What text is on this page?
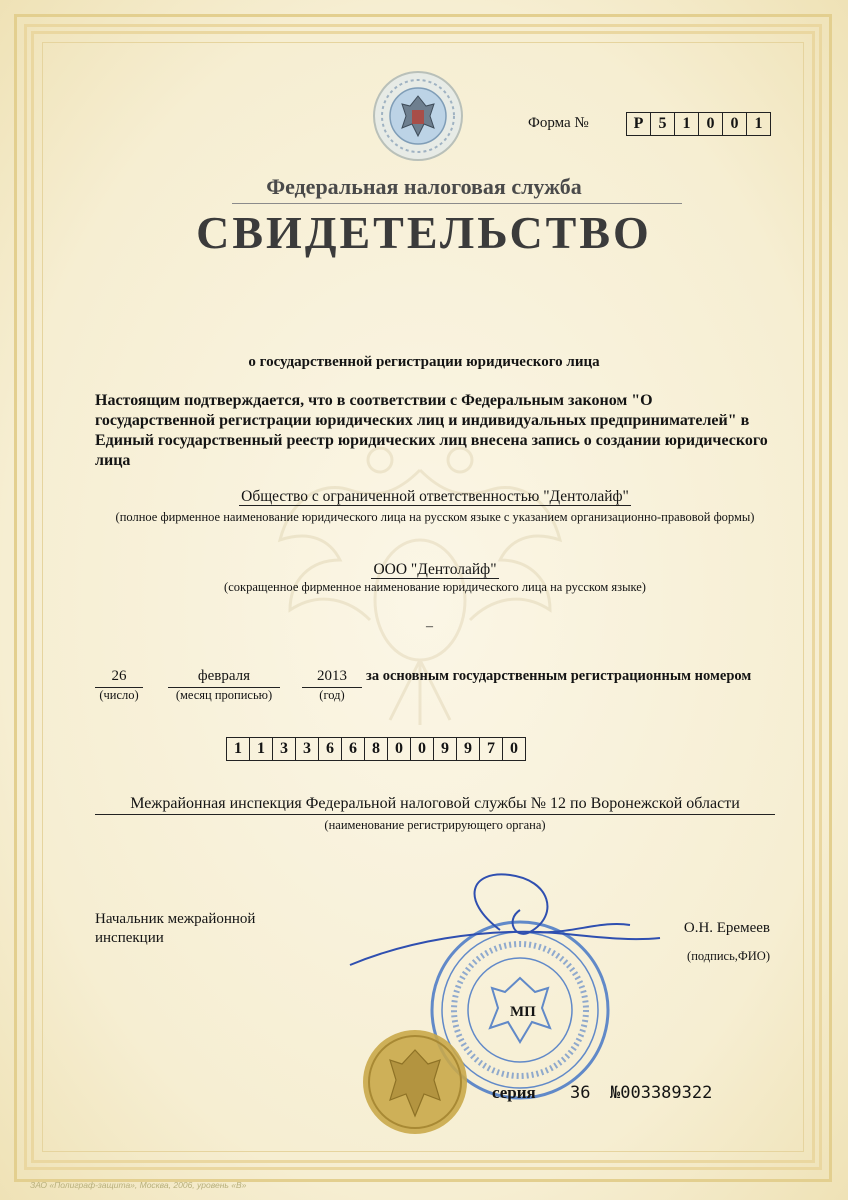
Форма №	Р 5	1	0	0	1
Федеральная налоговая служба
СВИДЕТЕЛЬСТВО
о государственной регистрации юридического лица
Настоящим подтверждается, что в соответствии с Федеральным законом "О государственной регистрации юридических лиц и индивидуальных предпринимателей" в Единый государственный реестр юридических лиц внесена запись о создании юридического лица
Общество с ограниченной ответственностью "Дентолайф"
(полное фирменное наименование юридического лица на русском языке с указанием организационно-правовой формы)
ООО "Дентолайф"
(сокращенное фирменное наименование юридического лица на русском языке)
–
26
(число)
февраля
(месяц прописью)
2013
(год)
за основным государственным регистрационным номером
1 1 3 3 6 6 8 0 0 9 9 7 0
Межрайонная инспекция Федеральной налоговой службы № 12 по Воронежской области
(наименование регистрирующего органа)
Начальник межрайонной
инспекции
О.Н. Еремеев
(подпись,ФИО)
МП
серия 36 №003389322
ЗАО «Полиграф-защита», Москва, 2006, уровень «В»
